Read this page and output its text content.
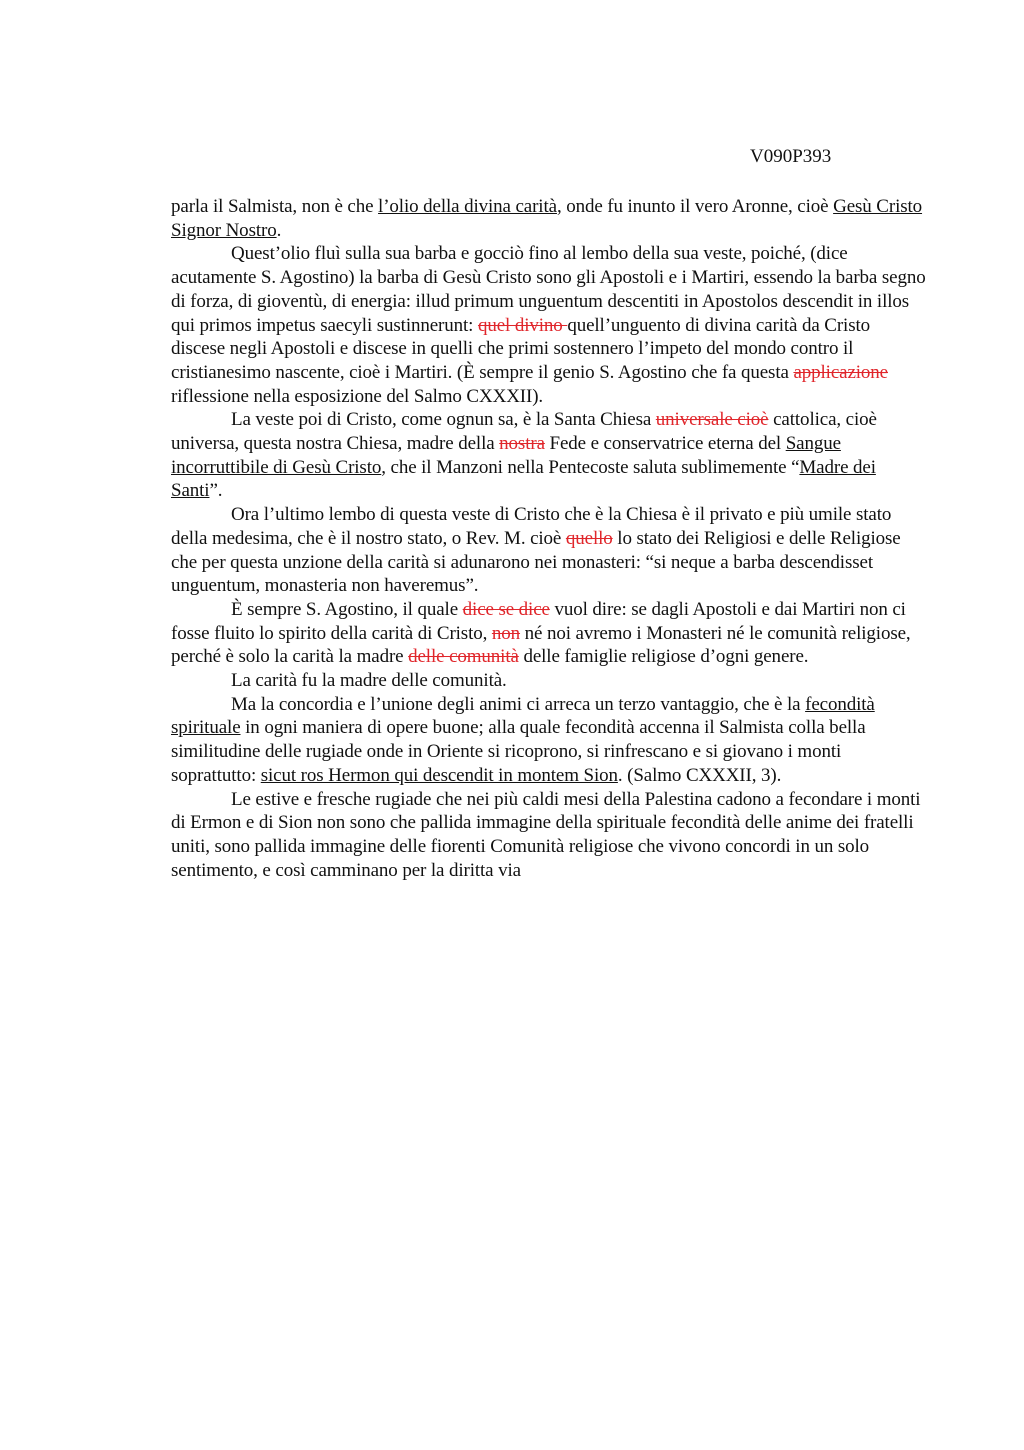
V090P393

parla il Salmista, non è che l’olio della divina carità, onde fu inunto il vero Aronne, cioè Gesù Cristo Signor Nostro.

Quest’olio fluì sulla sua barba e gocciò fino al lembo della sua veste, poiché, (dice acutamente S. Agostino) la barba di Gesù Cristo sono gli Apostoli e i Martiri, essendo la barba segno di forza, di gioventù, di energia: illud primum unguentum descentiti in Apostolos descendit in illos qui primos impetus saecyli sustinnerunt: quel divino quell’unguento di divina carità da Cristo discese negli Apostoli e discese in quelli che primi sostennero l’impeto del mondo contro il cristianesimo nascente, cioè i Martiri. (È sempre il genio S. Agostino che fa questa applicazione riflessione nella esposizione del Salmo CXXXII).

La veste poi di Cristo, come ognun sa, è la Santa Chiesa universale cioè cattolica, cioè universa, questa nostra Chiesa, madre della nostra Fede e conservatrice eterna del Sangue incorruttibile di Gesù Cristo, che il Manzoni nella Pentecoste saluta sublimemente “Madre dei Santi”.

Ora l’ultimo lembo di questa veste di Cristo che è la Chiesa è il privato e più umile stato della medesima, che è il nostro stato, o Rev. M. cioè quello lo stato dei Religiosi e delle Religiose che per questa unzione della carità si adunarono nei monasteri: “si neque a barba descendisset unguentum, monasteria non haveremus”.

È sempre S. Agostino, il quale dice se dice vuol dire: se dagli Apostoli e dai Martiri non ci fosse fluito lo spirito della carità di Cristo, non né noi avremo i Monasteri né le comunità religiose, perché è solo la carità la madre delle comunità delle famiglie religiose d’ogni genere.

La carità fu la madre delle comunità.

Ma la concordia e l’unione degli animi ci arreca un terzo vantaggio, che è la fecondità spirituale in ogni maniera di opere buone; alla quale fecondità accenna il Salmista colla bella similitudine delle rugiade onde in Oriente si ricoprono, si rinfrescano e si giovano i monti soprattutto: sicut ros Hermon qui descendit in montem Sion. (Salmo CXXXII, 3).

Le estive e fresche rugiade che nei più caldi mesi della Palestina cadono a fecondare i monti di Ermon e di Sion non sono che pallida immagine della spirituale fecondità delle anime dei fratelli uniti, sono pallida immagine delle fiorenti Comunità religiose che vivono concordi in un solo sentimento, e così camminano per la diritta via
